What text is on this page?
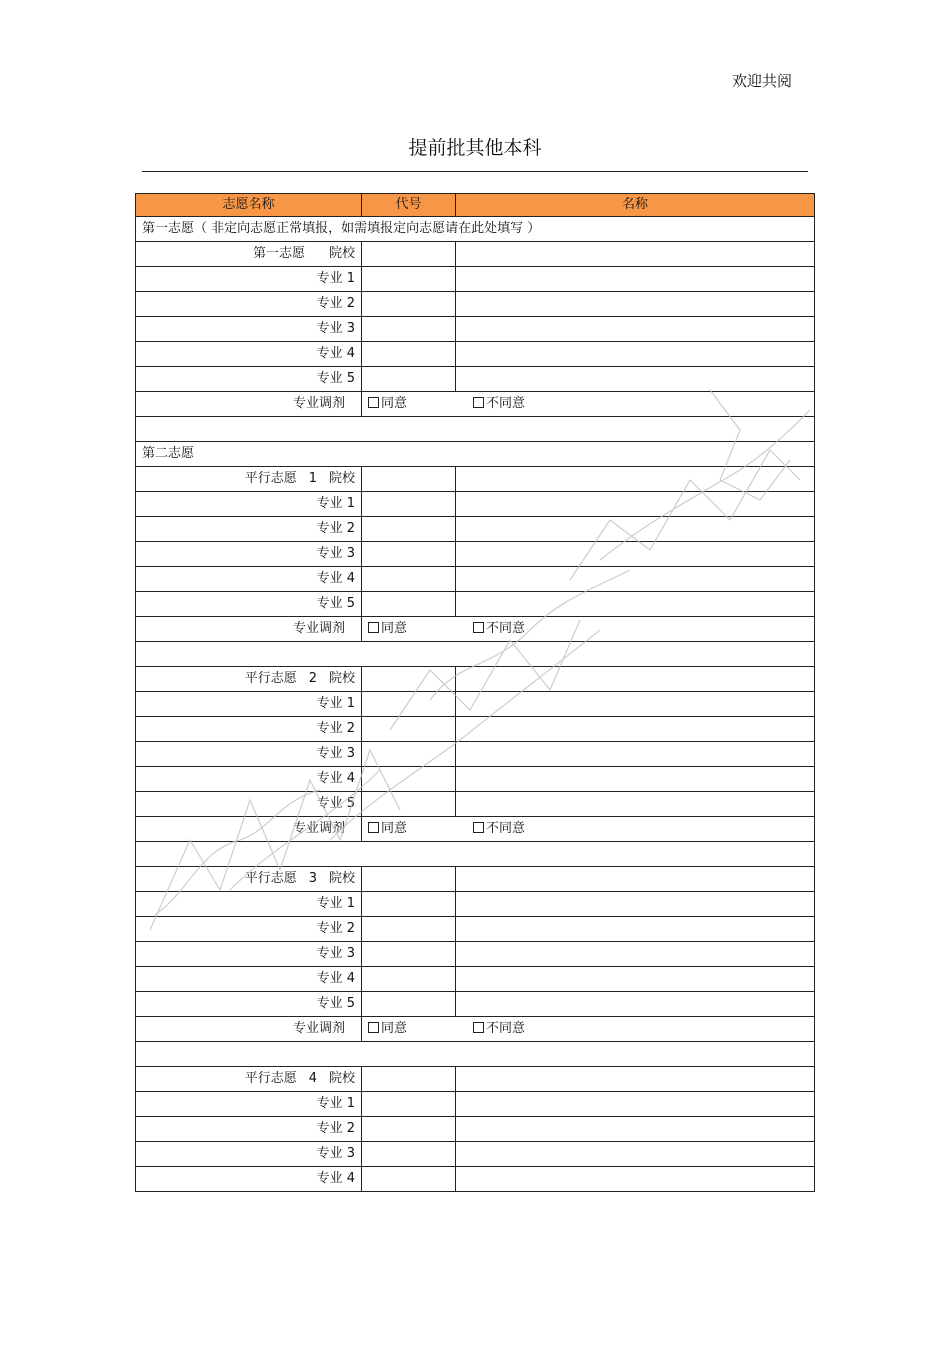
欢迎共阅
提前批其他本科
志愿名称	代号	名称
第一志愿（ 非定向志愿正常填报，如需填报定向志愿请在此处填写 ）		
第一志愿 院校		
专业 1		
专业 2		
专业 3		
专业 4		
专业 5		
专业调剂	同意 不同意	

第二志愿		
平行志愿 1 院校		
专业 1		
专业 2		
专业 3		
专业 4		
专业 5		
专业调剂	同意 不同意	

平行志愿 2 院校		
专业 1		
专业 2		
专业 3		
专业 4		
专业 5		
专业调剂	同意 不同意	

平行志愿 3 院校		
专业 1		
专业 2		
专业 3		
专业 4		
专业 5		
专业调剂	同意 不同意	

平行志愿 4 院校		
专业 1		
专业 2		
专业 3		
专业 4		
